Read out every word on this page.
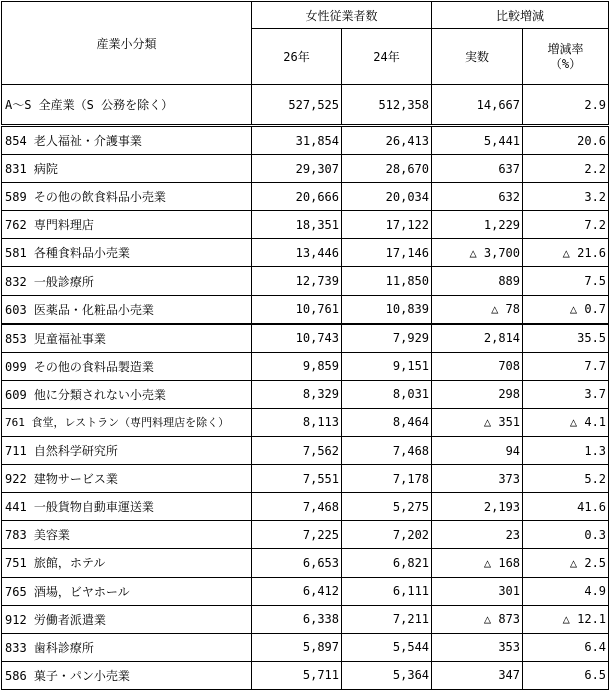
産業小分類	女性従業者数		比較増減	
	26年	24年	実数	増減率
（%）

A～S 全産業（S 公務を除く）	527,525	512,358	14,667	2.9
854 老人福祉・介護事業	31,854	26,413	5,441	20.6
831 病院	29,307	28,670	637	2.2
589 その他の飲食料品小売業	20,666	20,034	632	3.2
762 専門料理店	18,351	17,122	1,229	7.2
581 各種食料品小売業	13,446	17,146	△ 3,700	△ 21.6
832 一般診療所	12,739	11,850	889	7.5
603 医薬品・化粧品小売業	10,761	10,839	△ 78	△ 0.7
853 児童福祉事業	10,743	7,929	2,814	35.5
099 その他の食料品製造業	9,859	9,151	708	7.7
609 他に分類されない小売業	8,329	8,031	298	3.7
761 食堂，レストラン（専門料理店を除く）	8,113	8,464	△ 351	△ 4.1
711 自然科学研究所	7,562	7,468	94	1.3
922 建物サービス業	7,551	7,178	373	5.2
441 一般貨物自動車運送業	7,468	5,275	2,193	41.6
783 美容業	7,225	7,202	23	0.3
751 旅館，ホテル	6,653	6,821	△ 168	△ 2.5
765 酒場，ビヤホール	6,412	6,111	301	4.9
912 労働者派遣業	6,338	7,211	△ 873	△ 12.1
833 歯科診療所	5,897	5,544	353	6.4
586 菓子・パン小売業	5,711	5,364	347	6.5
